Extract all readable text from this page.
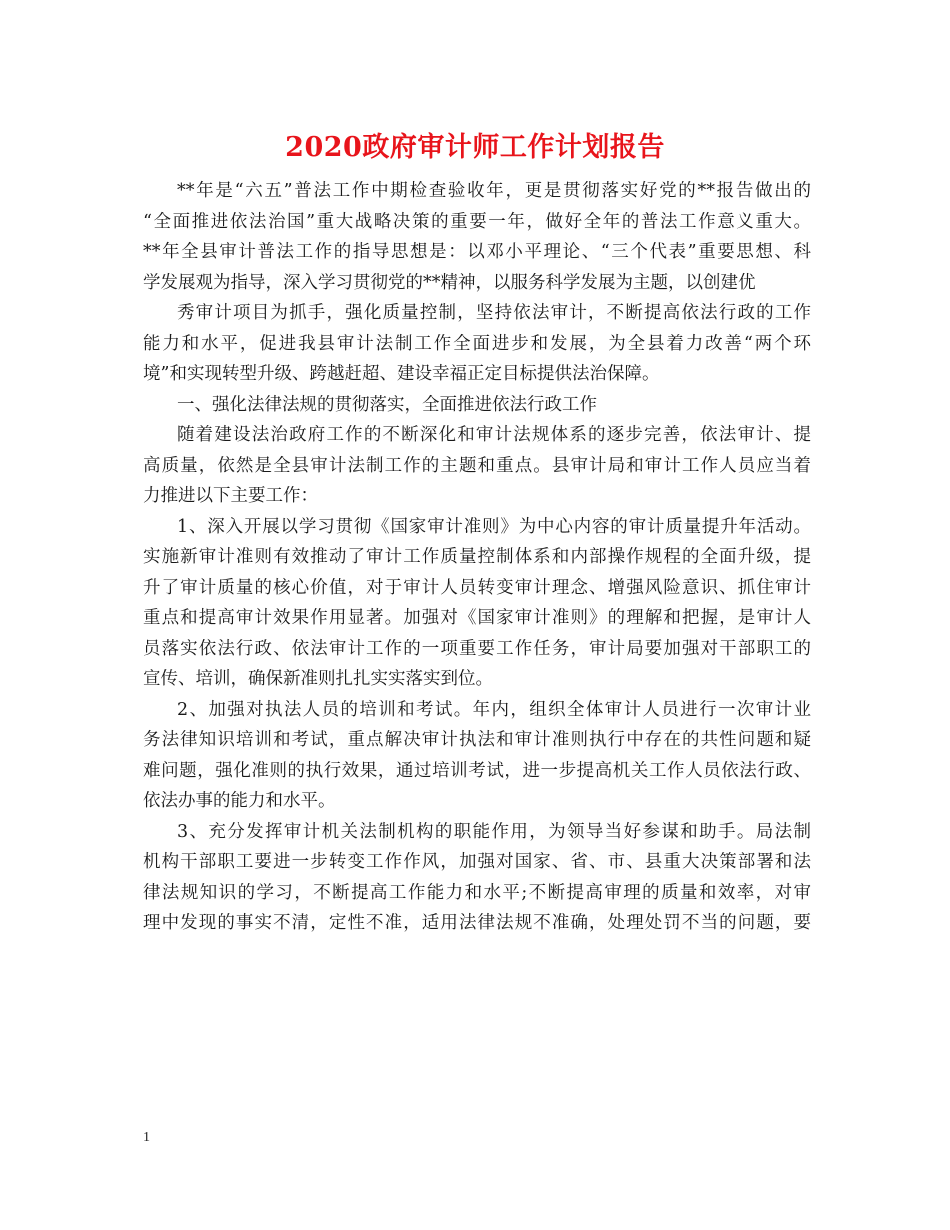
2020政府审计师工作计划报告
**年是“六五”普法工作中期检查验收年，更是贯彻落实好党的**报告做出的
“全面推进依法治国”重大战略决策的重要一年，做好全年的普法工作意义重大。
**年全县审计普法工作的指导思想是：以邓小平理论、“三个代表”重要思想、科
学发展观为指导，深入学习贯彻党的**精神，以服务科学发展为主题，以创建优
秀审计项目为抓手，强化质量控制，坚持依法审计，不断提高依法行政的工作
能力和水平，促进我县审计法制工作全面进步和发展，为全县着力改善“两个环
境”和实现转型升级、跨越赶超、建设幸福正定目标提供法治保障。
一、强化法律法规的贯彻落实，全面推进依法行政工作
随着建设法治政府工作的不断深化和审计法规体系的逐步完善，依法审计、提
高质量，依然是全县审计法制工作的主题和重点。县审计局和审计工作人员应当着
力推进以下主要工作：
1、深入开展以学习贯彻《国家审计准则》为中心内容的审计质量提升年活动。
实施新审计准则有效推动了审计工作质量控制体系和内部操作规程的全面升级，提
升了审计质量的核心价值，对于审计人员转变审计理念、增强风险意识、抓住审计
重点和提高审计效果作用显著。加强对《国家审计准则》的理解和把握，是审计人
员落实依法行政、依法审计工作的一项重要工作任务，审计局要加强对干部职工的
宣传、培训，确保新准则扎扎实实落实到位。
2、加强对执法人员的培训和考试。年内，组织全体审计人员进行一次审计业
务法律知识培训和考试，重点解决审计执法和审计准则执行中存在的共性问题和疑
难问题，强化准则的执行效果，通过培训考试，进一步提高机关工作人员依法行政、
依法办事的能力和水平。
3、充分发挥审计机关法制机构的职能作用，为领导当好参谋和助手。局法制
机构干部职工要进一步转变工作作风，加强对国家、省、市、县重大决策部署和法
律法规知识的学习，不断提高工作能力和水平;不断提高审理的质量和效率，对审
理中发现的事实不清，定性不准，适用法律法规不准确，处理处罚不当的问题，要
1
